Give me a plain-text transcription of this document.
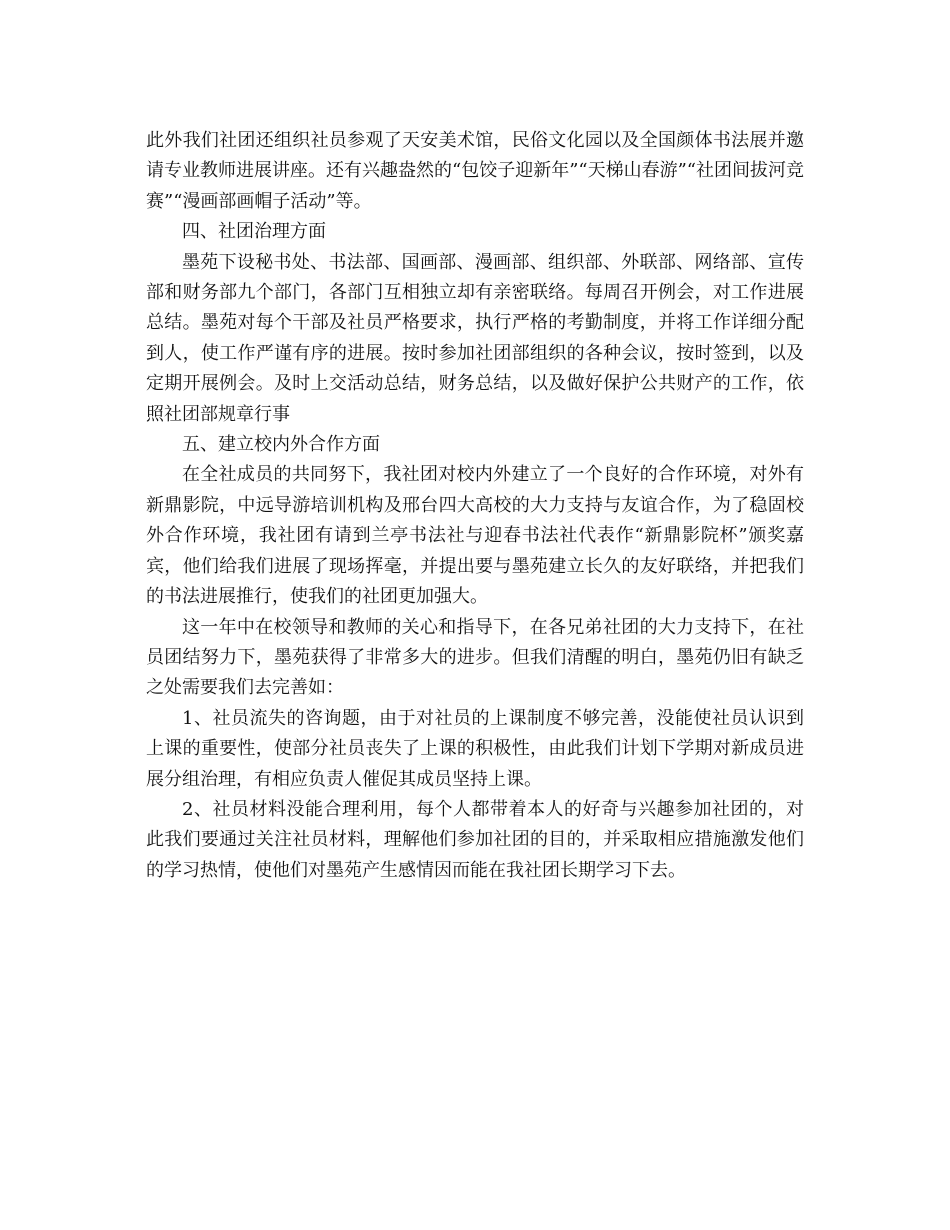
此外我们社团还组织社员参观了天安美术馆，民俗文化园以及全国颜体书法展并邀请专业教师进展讲座。还有兴趣盎然的“包饺子迎新年”“天梯山春游”“社团间拔河竞赛”“漫画部画帽子活动”等。

四、社团治理方面

墨苑下设秘书处、书法部、国画部、漫画部、组织部、外联部、网络部、宣传部和财务部九个部门，各部门互相独立却有亲密联络。每周召开例会，对工作进展总结。墨苑对每个干部及社员严格要求，执行严格的考勤制度，并将工作详细分配到人，使工作严谨有序的进展。按时参加社团部组织的各种会议，按时签到，以及定期开展例会。及时上交活动总结，财务总结，以及做好保护公共财产的工作，依照社团部规章行事

五、建立校内外合作方面

在全社成员的共同努下，我社团对校内外建立了一个良好的合作环境，对外有新鼎影院，中远导游培训机构及邢台四大高校的大力支持与友谊合作，为了稳固校外合作环境，我社团有请到兰亭书法社与迎春书法社代表作“新鼎影院杯”颁奖嘉宾，他们给我们进展了现场挥毫，并提出要与墨苑建立长久的友好联络，并把我们的书法进展推行，使我们的社团更加强大。

这一年中在校领导和教师的关心和指导下，在各兄弟社团的大力支持下，在社员团结努力下，墨苑获得了非常多大的进步。但我们清醒的明白，墨苑仍旧有缺乏之处需要我们去完善如：

1、社员流失的咨询题，由于对社员的上课制度不够完善，没能使社员认识到上课的重要性，使部分社员丧失了上课的积极性，由此我们计划下学期对新成员进展分组治理，有相应负责人催促其成员坚持上课。

2、社员材料没能合理利用，每个人都带着本人的好奇与兴趣参加社团的，对此我们要通过关注社员材料，理解他们参加社团的目的，并采取相应措施激发他们的学习热情，使他们对墨苑产生感情因而能在我社团长期学习下去。
